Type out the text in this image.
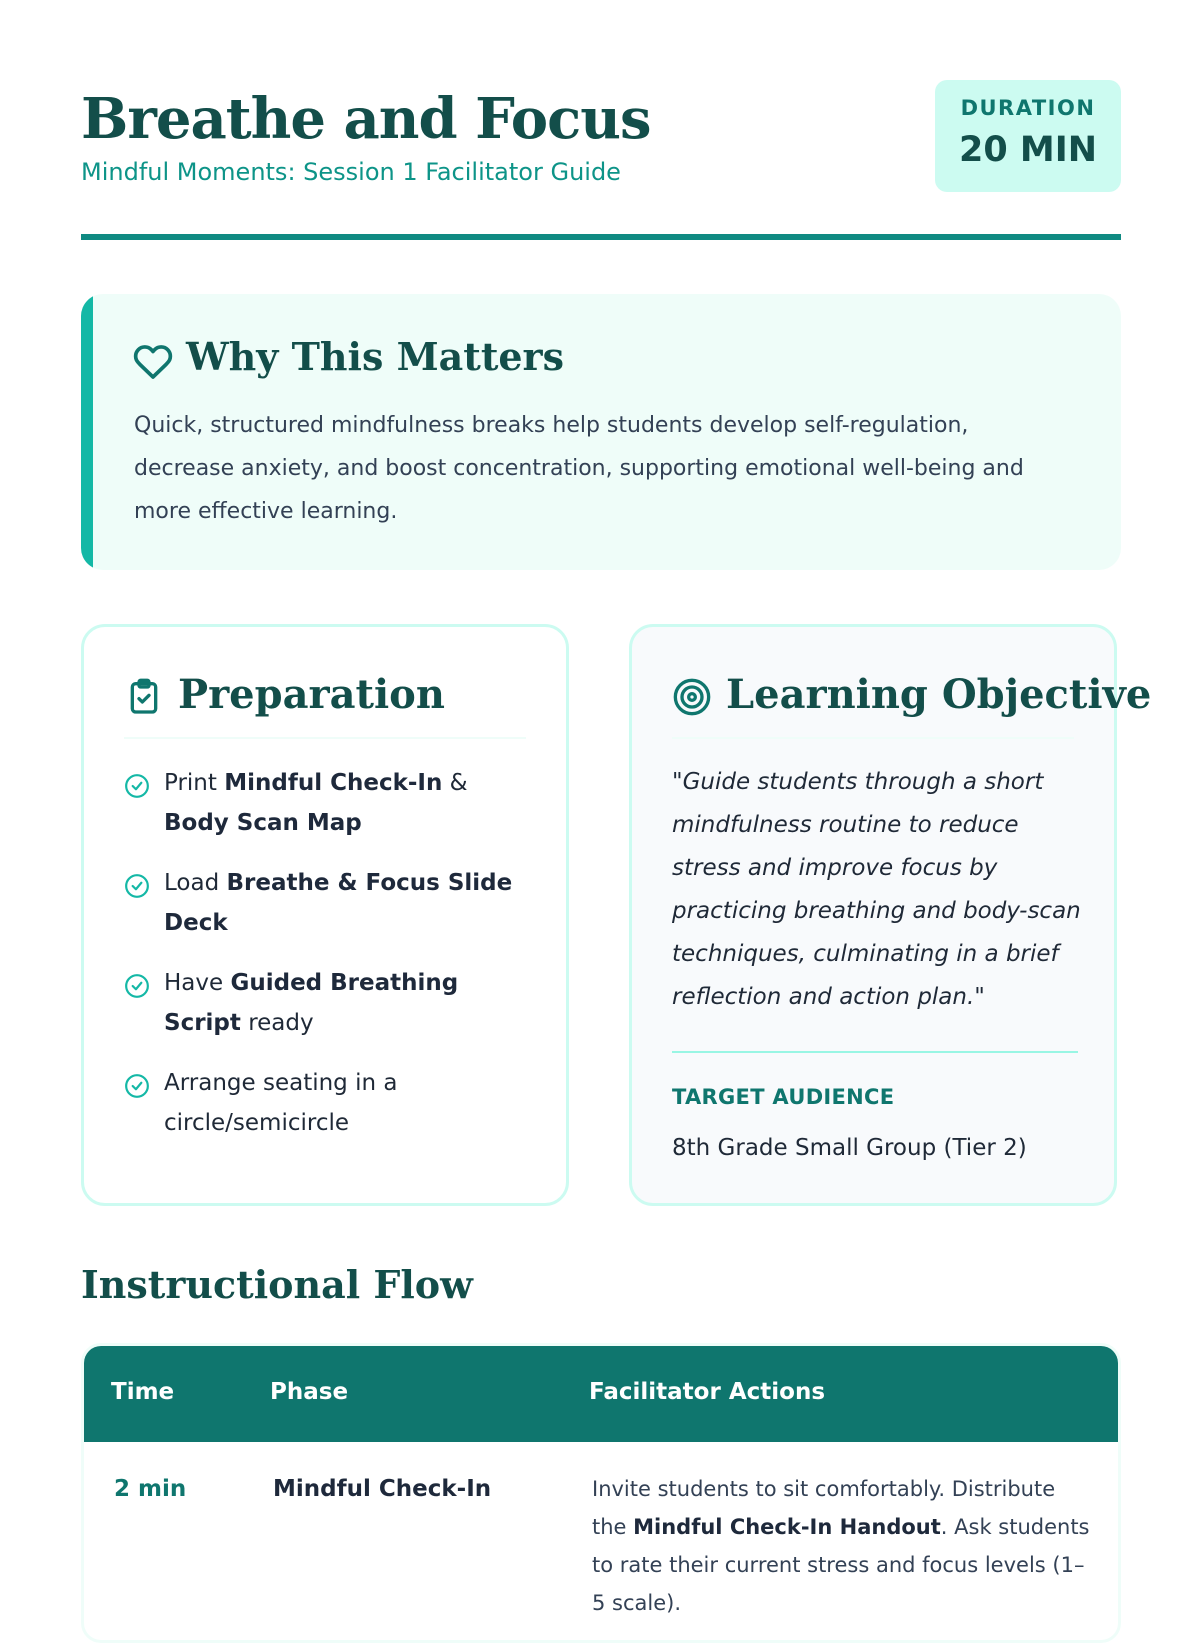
Breathe and Focus
Mindful Moments: Session 1 Facilitator Guide
DURATION
20 MIN
Why This Matters
Quick, structured mindfulness breaks help students develop self-regulation, decrease anxiety, and boost concentration, supporting emotional well-being and more effective learning.
Preparation
Print Mindful Check-In & Body Scan Map
Load Breathe & Focus Slide Deck
Have Guided Breathing Script ready
Arrange seating in a circle/semicircle
Learning Objective
"Guide students through a short mindfulness routine to reduce stress and improve focus by practicing breathing and body-scan techniques, culminating in a brief reflection and action plan."
TARGET AUDIENCE
8th Grade Small Group (Tier 2)
Instructional Flow
Time	Phase	Facilitator Actions
2 min	Mindful Check-In	Invite students to sit comfortably. Distribute the Mindful Check-In Handout. Ask students to rate their current stress and focus levels (1–5 scale).
